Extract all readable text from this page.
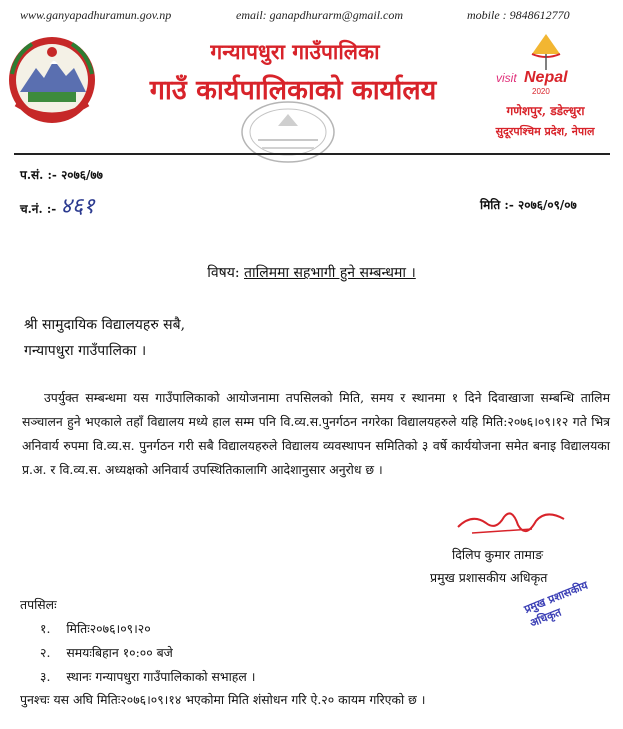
www.ganyapadhuramun.gov.np	email: ganapdhurarm@gmail.com	mobile : 9848612770
गन्यापधुरा गाउँपालिका
गाउँ कार्यपालिकाको कार्यालय	visit Nepal
2020
गणेशपुर, डडेल्धुरा
सुदूरपश्चिम प्रदेश, नेपाल
प.सं. :- २०७६/७७
च.नं. :- ४६१	मिति :- २०७६/०९/०७
विषय: तालिममा सहभागी हुने सम्बन्धमा ।
श्री सामुदायिक विद्यालयहरु सबै,
गन्यापधुरा गाउँपालिका ।
उपर्युक्त सम्बन्धमा यस गाउँपालिकाको आयोजनामा तपसिलको मिति, समय र स्थानमा १ दिने दिवाखाजा सम्बन्धि तालिम सञ्चालन हुने भएकाले तहाँ विद्यालय मध्ये हाल सम्म पनि वि.व्य.स.पुनर्गठन नगरेका विद्यालयहरुले यहि मिति:२०७६।०९।१२ गते भित्र अनिवार्य रुपमा वि.व्य.स. पुनर्गठन गरी सबै विद्यालयहरुले विद्यालय व्यवस्थापन समितिको ३ वर्षे कार्ययोजना समेत बनाइ विद्यालयका प्र.अ. र वि.व्य.स. अध्यक्षको अनिवार्य उपस्थितिकालागि आदेशानुसार अनुरोध छ ।
दिलिप कुमार तामाङ
प्रमुख प्रशासकीय अधिकृत
प्रमुख प्रशासकीय अधिकृत
तपसिलः
१. मितिः२०७६।०९।२०
२. समयःबिहान १०:०० बजे
३. स्थानः गन्यापधुरा गाउँपालिकाको सभाहल ।
पुनश्चः यस अघि मितिः२०७६।०९।१४ भएकोमा मिति शंसोधन गरि ऐ.२० कायम गरिएको छ ।
